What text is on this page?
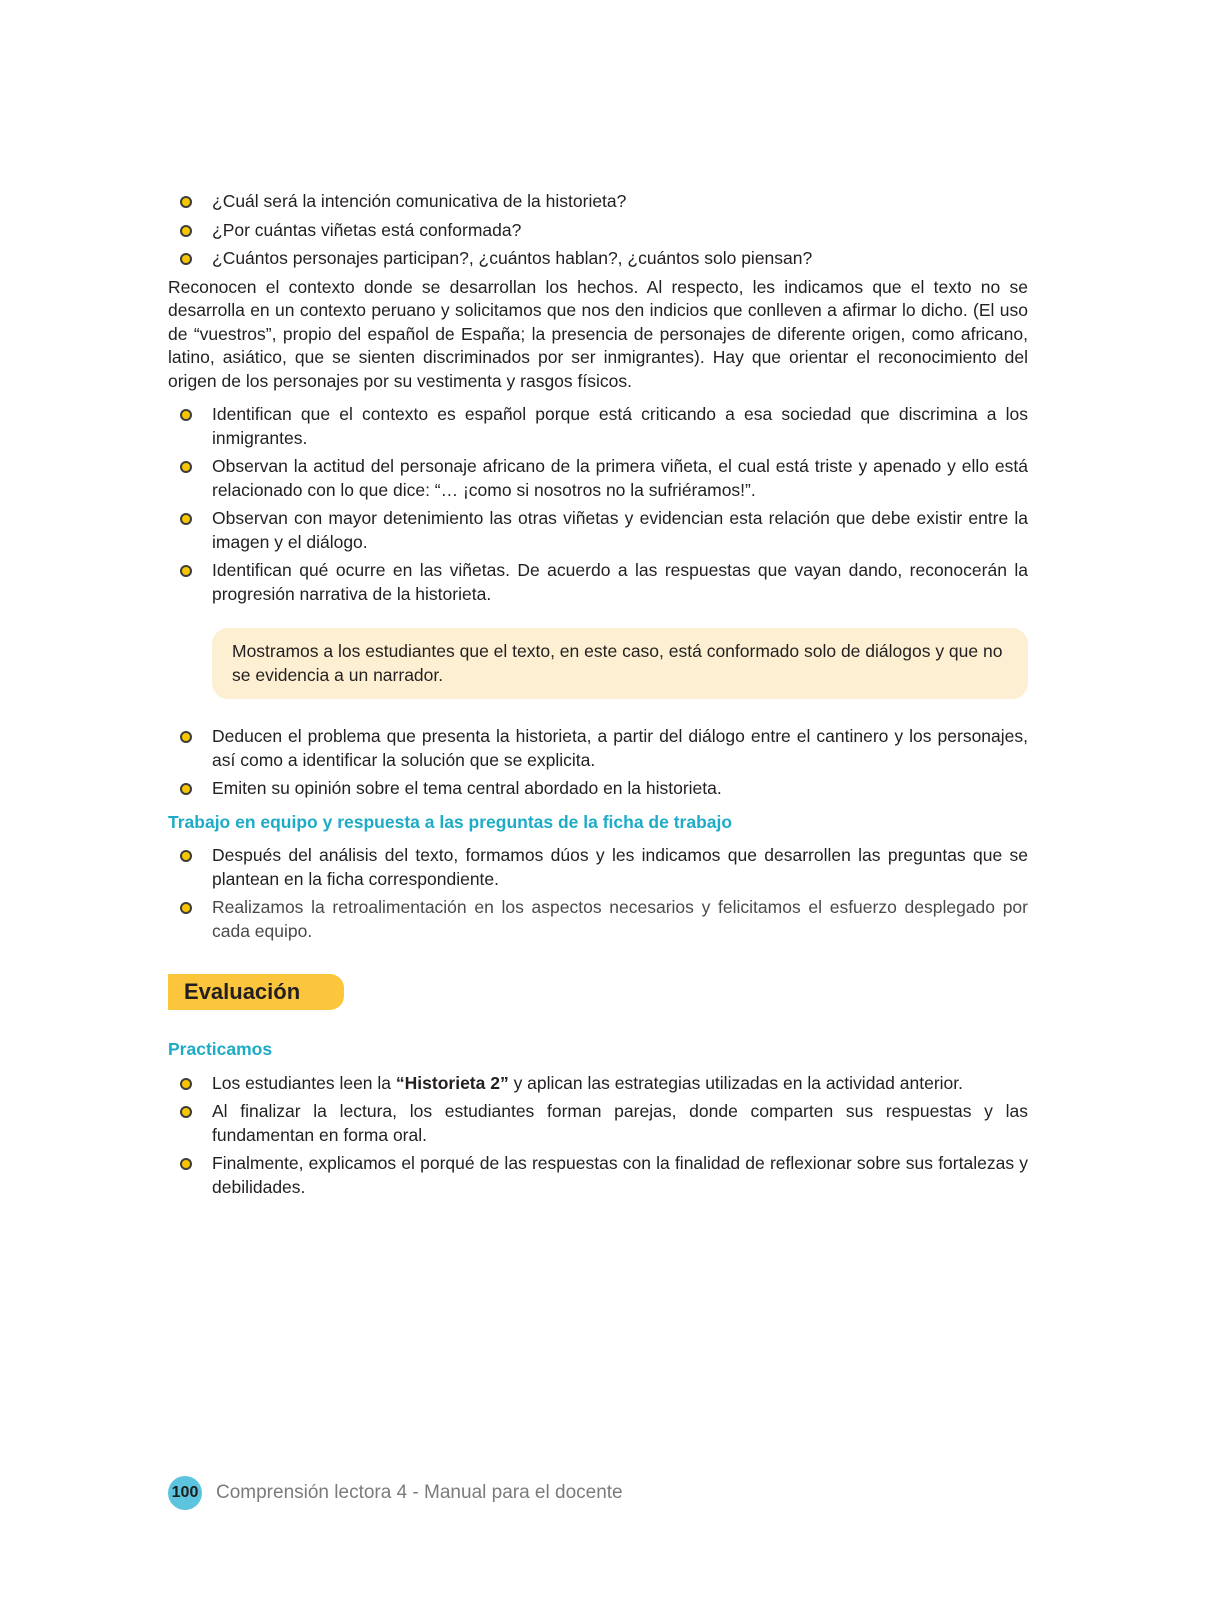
¿Cuál será la intención comunicativa de la historieta?
¿Por cuántas viñetas está conformada?
¿Cuántos personajes participan?, ¿cuántos hablan?, ¿cuántos solo piensan?

Reconocen el contexto donde se desarrollan los hechos. Al respecto, les indicamos que el texto no se desarrolla en un contexto peruano y solicitamos que nos den indicios que conlleven a afirmar lo dicho. (El uso de “vuestros”, propio del español de España; la presencia de personajes de diferente origen, como africano, latino, asiático, que se sienten discriminados por ser inmigrantes). Hay que orientar el reconocimiento del origen de los personajes por su vestimenta y rasgos físicos.

Identifican que el contexto es español porque está criticando a esa sociedad que discrimina a los inmigrantes.
Observan la actitud del personaje africano de la primera viñeta, el cual está triste y apenado y ello está relacionado con lo que dice: “… ¡como si nosotros no la sufriéramos!”.
Observan con mayor detenimiento las otras viñetas y evidencian esta relación que debe existir entre la imagen y el diálogo.
Identifican qué ocurre en las viñetas. De acuerdo a las respuestas que vayan dando, reconocerán la progresión narrativa de la historieta.
Mostramos a los estudiantes que el texto, en este caso, está conformado solo de diálogos y que no se evidencia a un narrador.
Deducen el problema que presenta la historieta, a partir del diálogo entre el cantinero y los personajes, así como a identificar la solución que se explicita.
Emiten su opinión sobre el tema central abordado en la historieta.
Trabajo en equipo y respuesta a las preguntas de la ficha de trabajo
Después del análisis del texto, formamos dúos y les indicamos que desarrollen las preguntas que se plantean en la ficha correspondiente.
Realizamos la retroalimentación en los aspectos necesarios y felicitamos el esfuerzo desplegado por cada equipo.
Evaluación
Practicamos
Los estudiantes leen la “Historieta 2” y aplican las estrategias utilizadas en la actividad anterior.
Al finalizar la lectura, los estudiantes forman parejas, donde comparten sus respuestas y las fundamentan en forma oral.
Finalmente, explicamos el porqué de las respuestas con la finalidad de reflexionar sobre sus fortalezas y debilidades.
100 Comprensión lectora 4 - Manual para el docente
